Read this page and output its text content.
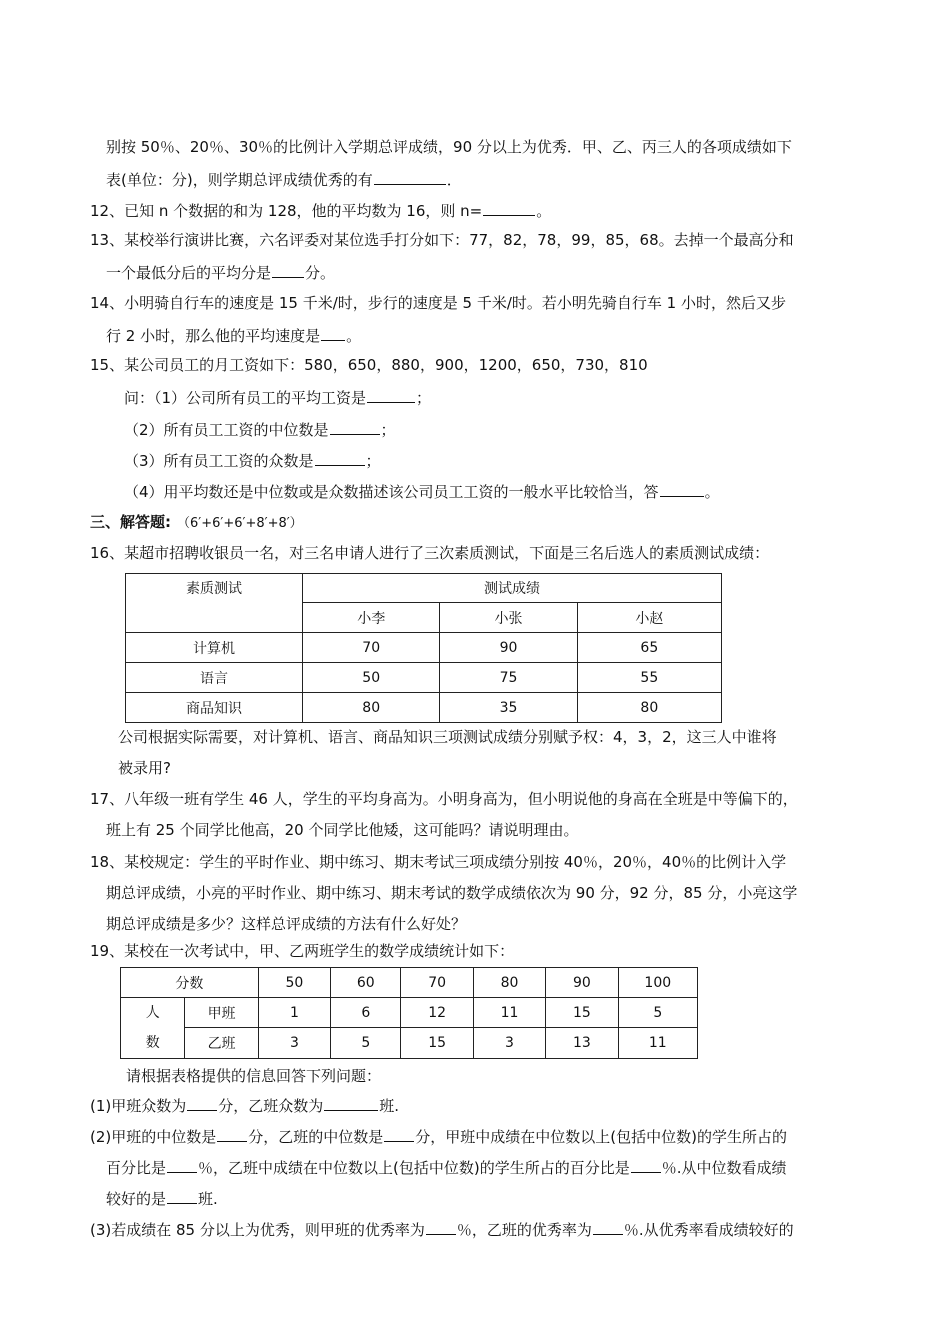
别按 50％、20％、30％的比例计入学期总评成绩，90 分以上为优秀．甲、乙、丙三人的各项成绩如下
表(单位：分)，则学期总评成绩优秀的有	．
12、已知 n 个数据的和为 128，他的平均数为 16，则 n=	。
13、某校举行演讲比赛，六名评委对某位选手打分如下：77，82，78，99，85，68。去掉一个最高分和
一个最低分后的平均分是 分。
14、小明骑自行车的速度是 15 千米/时，步行的速度是 5 千米/时。若小明先骑自行车 1 小时，然后又步
行 2 小时，那么他的平均速度是 。
15、某公司员工的月工资如下：580，650，880，900，1200，650，730，810
问：（1）公司所有员工的平均工资是	；
（2）所有员工工资的中位数是	；
（3）所有员工工资的众数是	；
（4）用平均数还是中位数或是众数描述该公司员工工资的一般水平比较恰当，答	。
三、解答题: （6′+6′+6′+8′+8′）
16、某超市招聘收银员一名，对三名申请人进行了三次素质测试，下面是三名后选人的素质测试成绩：
素质测试	测试成绩		
	小李	小张	小赵
计算机	70	90	65
语言	50	75	55
商品知识	80	35	80
公司根据实际需要，对计算机、语言、商品知识三项测试成绩分别赋予权：4，3，2，这三人中谁将
被录用?
17、八年级一班有学生 46 人，学生的平均身高为。小明身高为，但小明说他的身高在全班是中等偏下的，
班上有 25 个同学比他高，20 个同学比他矮，这可能吗？请说明理由。
18、某校规定：学生的平时作业、期中练习、期末考试三项成绩分别按 40％，20％，40％的比例计入学
期总评成绩，小亮的平时作业、期中练习、期末考试的数学成绩依次为 90 分，92 分，85 分，小亮这学
期总评成绩是多少？这样总评成绩的方法有什么好处？
19、某校在一次考试中，甲、乙两班学生的数学成绩统计如下：
分数		50	60	70	80	90	100
人
数	甲班	1	6	12	11	15	5
	乙班	3	5	15	3	13	11
请根据表格提供的信息回答下列问题：
(1)甲班众数为 分，乙班众数为	班.
(2)甲班的中位数是 分，乙班的中位数是 分，甲班中成绩在中位数以上(包括中位数)的学生所占的
百分比是 ％，乙班中成绩在中位数以上(包括中位数)的学生所占的百分比是 ％.从中位数看成绩
较好的是 班.
(3)若成绩在 85 分以上为优秀，则甲班的优秀率为 ％，乙班的优秀率为 ％.从优秀率看成绩较好的
